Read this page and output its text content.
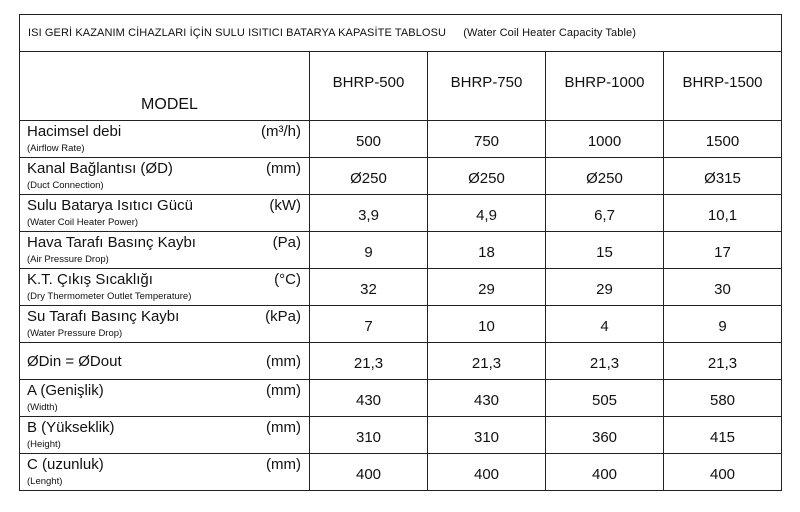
ISI GERİ KAZANIM CİHAZLARI İÇİN SULU ISITICI BATARYA KAPASİTE TABLOSU (Water Coil Heater Capacity Table)				
MODEL	BHRP-500	BHRP-750	BHRP-1000	BHRP-1500

Hacimsel debi (m³/h)
(Airflow Rate)	500	750	1000	1500

Kanal Bağlantısı (ØD) (mm)
(Duct Connection)	Ø250	Ø250	Ø250	Ø315

Sulu Batarya Isıtıcı Gücü (kW)
(Water Coil Heater Power)	3,9	4,9	6,7	10,1

Hava Tarafı Basınç Kaybı (Pa)
(Air Pressure Drop)	9	18	15	17

K.T. Çıkış Sıcaklığı (°C)
(Dry Thermometer Outlet Temperature)	32	29	29	30

Su Tarafı Basınç Kaybı (kPa)
(Water Pressure Drop)	7	10	4	9

ØDin = ØDout (mm)	21,3	21,3	21,3	21,3

A (Genişlik) (mm)
(Width)	430	430	505	580

B (Yükseklik) (mm)
(Height)	310	310	360	415

C (uzunluk) (mm)
(Lenght)	400	400	400	400
